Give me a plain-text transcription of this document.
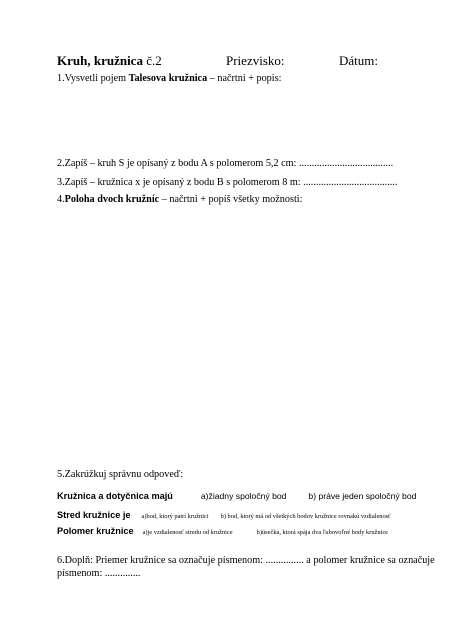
Kruh, kružnica č.2	Priezvisko:	Dátum:
1.Vysvetli pojem Talesova kružnica – načrtni + popis:
2.Zapíš – kruh S je opísaný z bodu A s polomerom 5,2 cm: .....................................
3.Zapíš – kružnica x je opísaný z bodu B s polomerom 8 m: .....................................
4.Poloha dvoch kružníc – načrtni + popíš všetky možnosti:
5.Zakrúžkuj správnu odpoveď:
Kružnica a dotyčnica majú	a)žiadny spoločný bod	b) práve jeden spoločný bod
Stred kružnice je a)bod, ktorý patrí kružnici b) bod, ktorý má od všetkých bodov kružnice rovnakú vzdialenosť
Polomer kružnice a)je vzdialenosť stredu od kružnice	b)úsečka, ktorá spája dva ľubovoľné body kružnice
6.Doplň: Priemer kružnice sa označuje písmenom: ............... a polomer kružnice sa označuje
písmenom: ..............
